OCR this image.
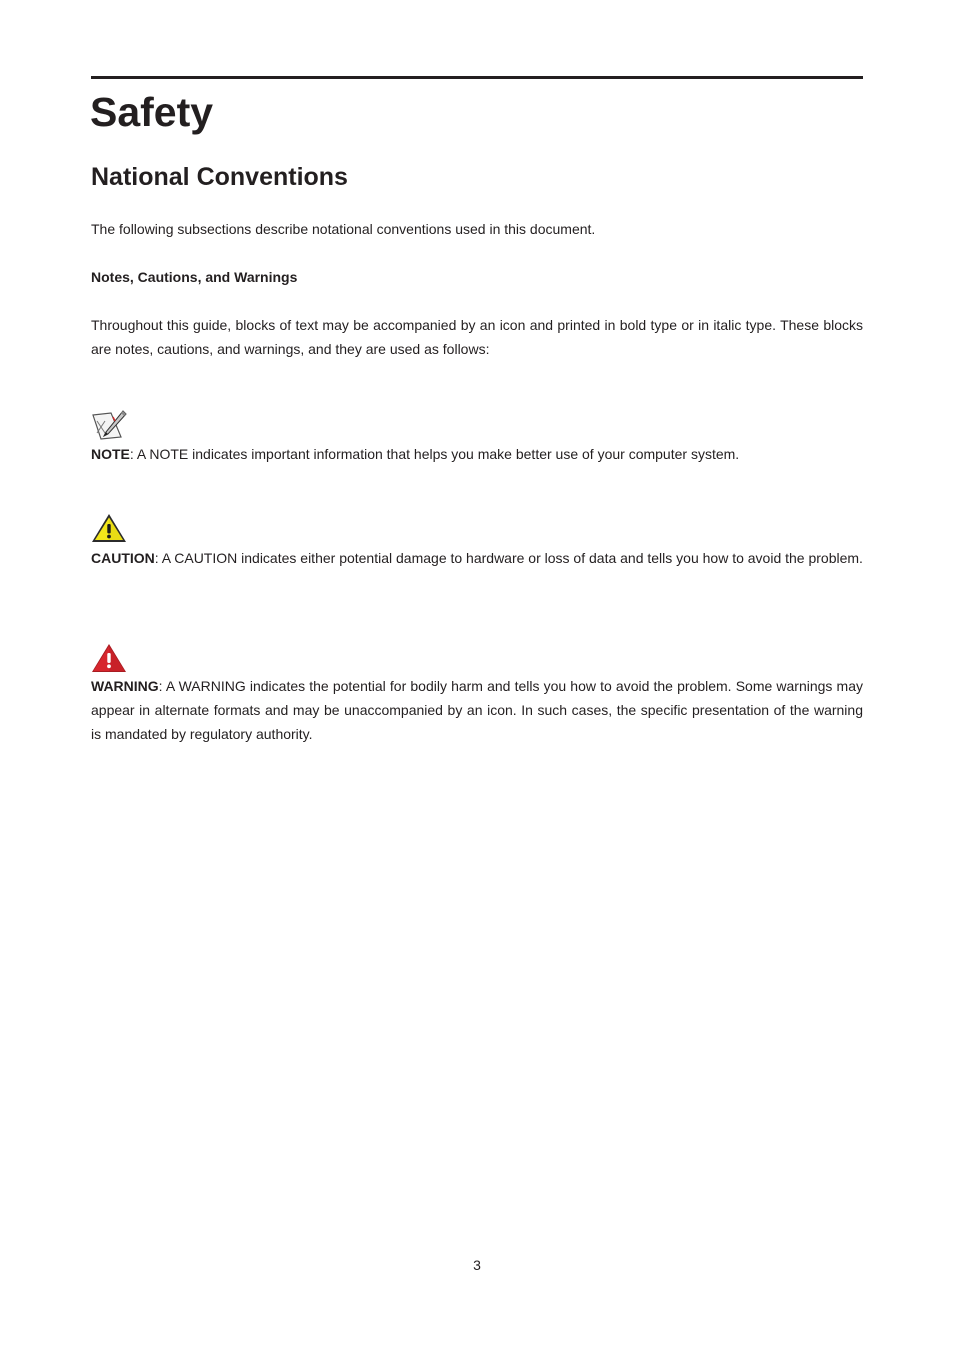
Safety
National Conventions

The following subsections describe notational conventions used in this document.

Notes, Cautions, and Warnings

Throughout this guide, blocks of text may be accompanied by an icon and printed in bold type or in italic type. These blocks are notes, cautions, and warnings, and they are used as follows:

NOTE: A NOTE indicates important information that helps you make better use of your computer system.

CAUTION: A CAUTION indicates either potential damage to hardware or loss of data and tells you how to avoid the problem.

WARNING: A WARNING indicates the potential for bodily harm and tells you how to avoid the problem. Some warnings may appear in alternate formats and may be unaccompanied by an icon. In such cases, the specific presentation of the warning is mandated by regulatory authority.

3
